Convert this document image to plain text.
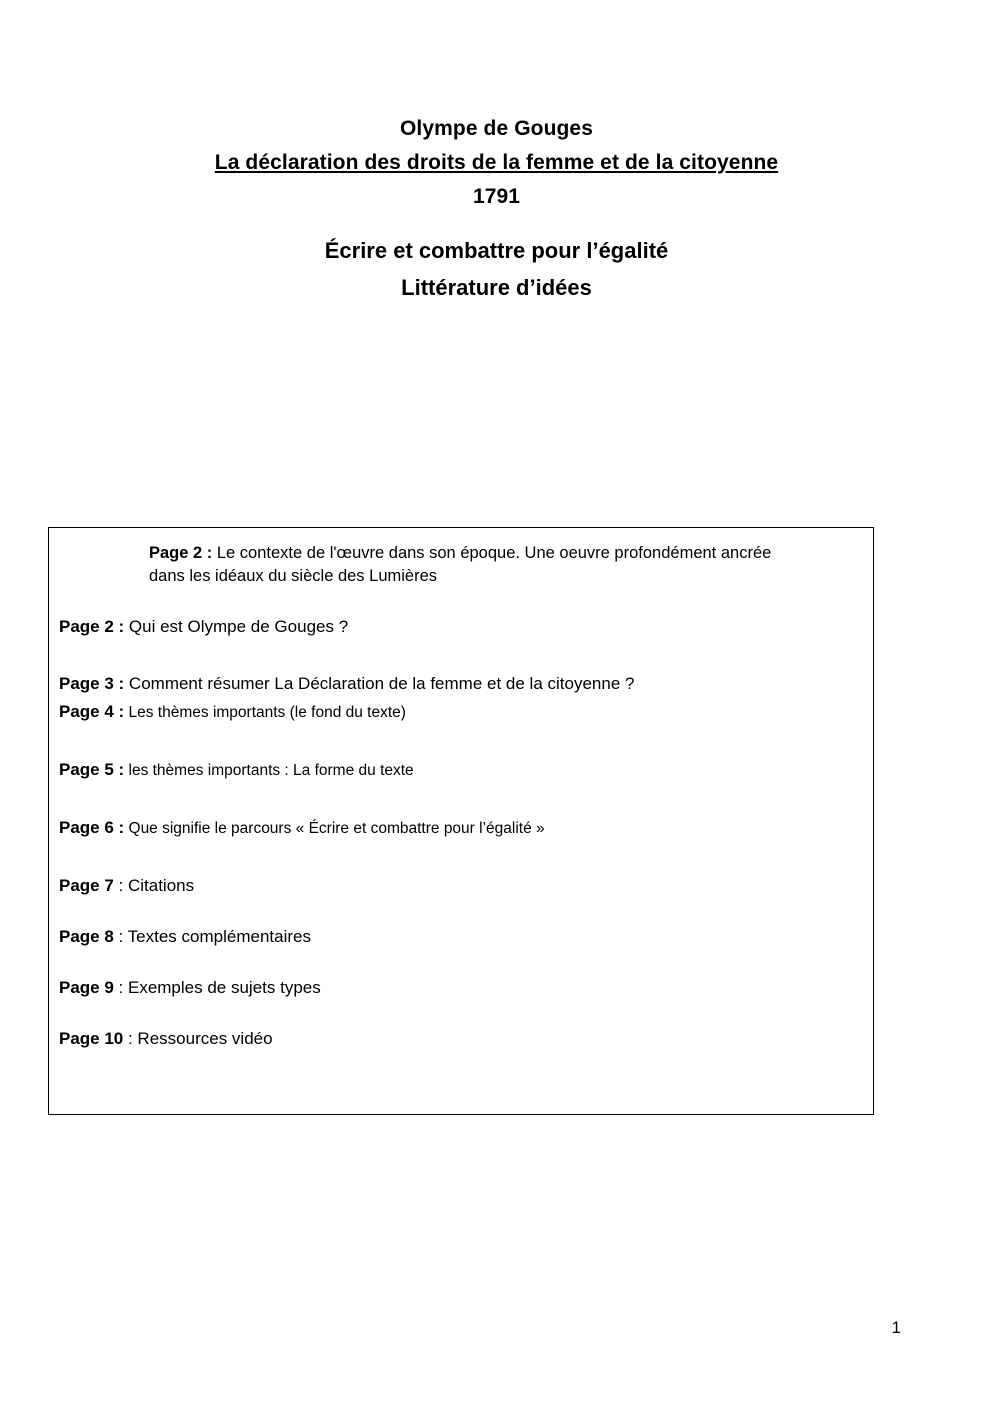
Olympe de Gouges
La déclaration des droits de la femme et de la citoyenne
1791
Écrire et combattre pour l’égalité
Littérature d’idées
Page 2 : Le contexte de l'œuvre dans son époque. Une oeuvre profondément ancrée dans les idéaux du siècle des Lumières
Page 2 : Qui est Olympe de Gouges ?
Page 3 : Comment résumer La Déclaration de la femme et de la citoyenne ?
Page 4 : Les thèmes importants (le fond du texte)
Page 5 : les thèmes importants : La forme du texte
Page 6 : Que signifie le parcours « Écrire et combattre pour l’égalité »
Page 7 : Citations
Page 8 : Textes complémentaires
Page 9 : Exemples de sujets types
Page 10 : Ressources vidéo
1
